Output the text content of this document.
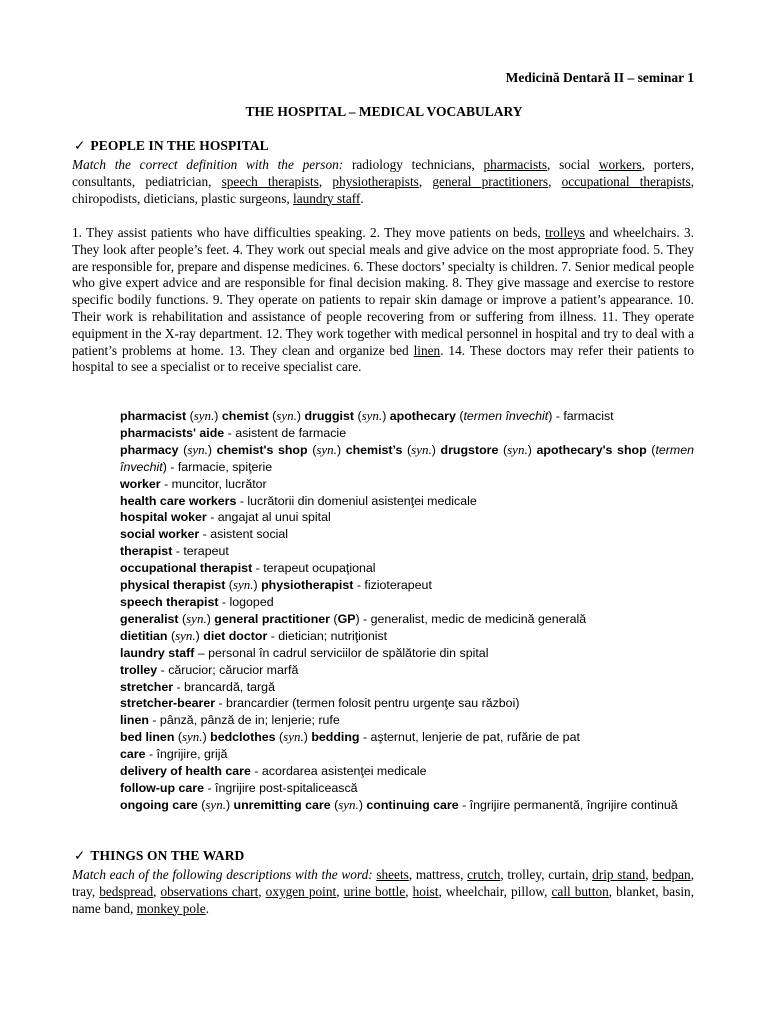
Medicină Dentară II – seminar 1
THE HOSPITAL – MEDICAL VOCABULARY
✓ PEOPLE IN THE HOSPITAL
Match the correct definition with the person: radiology technicians, pharmacists, social workers, porters, consultants, pediatrician, speech therapists, physiotherapists, general practitioners, occupational therapists, chiropodists, dieticians, plastic surgeons, laundry staff.
1. They assist patients who have difficulties speaking. 2. They move patients on beds, trolleys and wheelchairs. 3. They look after people’s feet. 4. They work out special meals and give advice on the most appropriate food. 5. They are responsible for, prepare and dispense medicines. 6. These doctors’ specialty is children. 7. Senior medical people who give expert advice and are responsible for final decision making. 8. They give massage and exercise to restore specific bodily functions. 9. They operate on patients to repair skin damage or improve a patient’s appearance. 10. Their work is rehabilitation and assistance of people recovering from or suffering from illness. 11. They operate equipment in the X-ray department. 12. They work together with medical personnel in hospital and try to deal with a patient’s problems at home. 13. They clean and organize bed linen. 14. These doctors may refer their patients to hospital to see a specialist or to receive specialist care.
pharmacist (syn.) chemist (syn.) druggist (syn.) apothecary (termen învechit) - farmacist
pharmacists' aide - asistent de farmacie
pharmacy (syn.) chemist's shop (syn.) chemist’s (syn.) drugstore (syn.) apothecary's shop (termen învechit) - farmacie, spiţerie
worker - muncitor, lucrător
health care workers - lucrătorii din domeniul asistenţei medicale
hospital woker - angajat al unui spital
social worker - asistent social
therapist - terapeut
occupational therapist - terapeut ocupaţional
physical therapist (syn.) physiotherapist - fizioterapeut
speech therapist - logoped
generalist (syn.) general practitioner (GP) - generalist, medic de medicină generală
dietitian (syn.) diet doctor - dietician; nutriţionist
laundry staff – personal în cadrul serviciilor de spălătorie din spital
trolley - cărucior; cărucior marfă
stretcher - brancardă, targă
stretcher-bearer - brancardier (termen folosit pentru urgenţe sau război)
linen - pânză, pânză de in; lenjerie; rufe
bed linen (syn.) bedclothes (syn.) bedding - aşternut, lenjerie de pat, rufărie de pat
care - îngrijire, grijă
delivery of health care - acordarea asistenţei medicale
follow-up care - îngrijire post-spitalicească
ongoing care (syn.) unremitting care (syn.) continuing care - îngrijire permanentă, îngrijire continuă
✓ THINGS ON THE WARD
Match each of the following descriptions with the word: sheets, mattress, crutch, trolley, curtain, drip stand, bedpan, tray, bedspread, observations chart, oxygen point, urine bottle, hoist, wheelchair, pillow, call button, blanket, basin, name band, monkey pole.
